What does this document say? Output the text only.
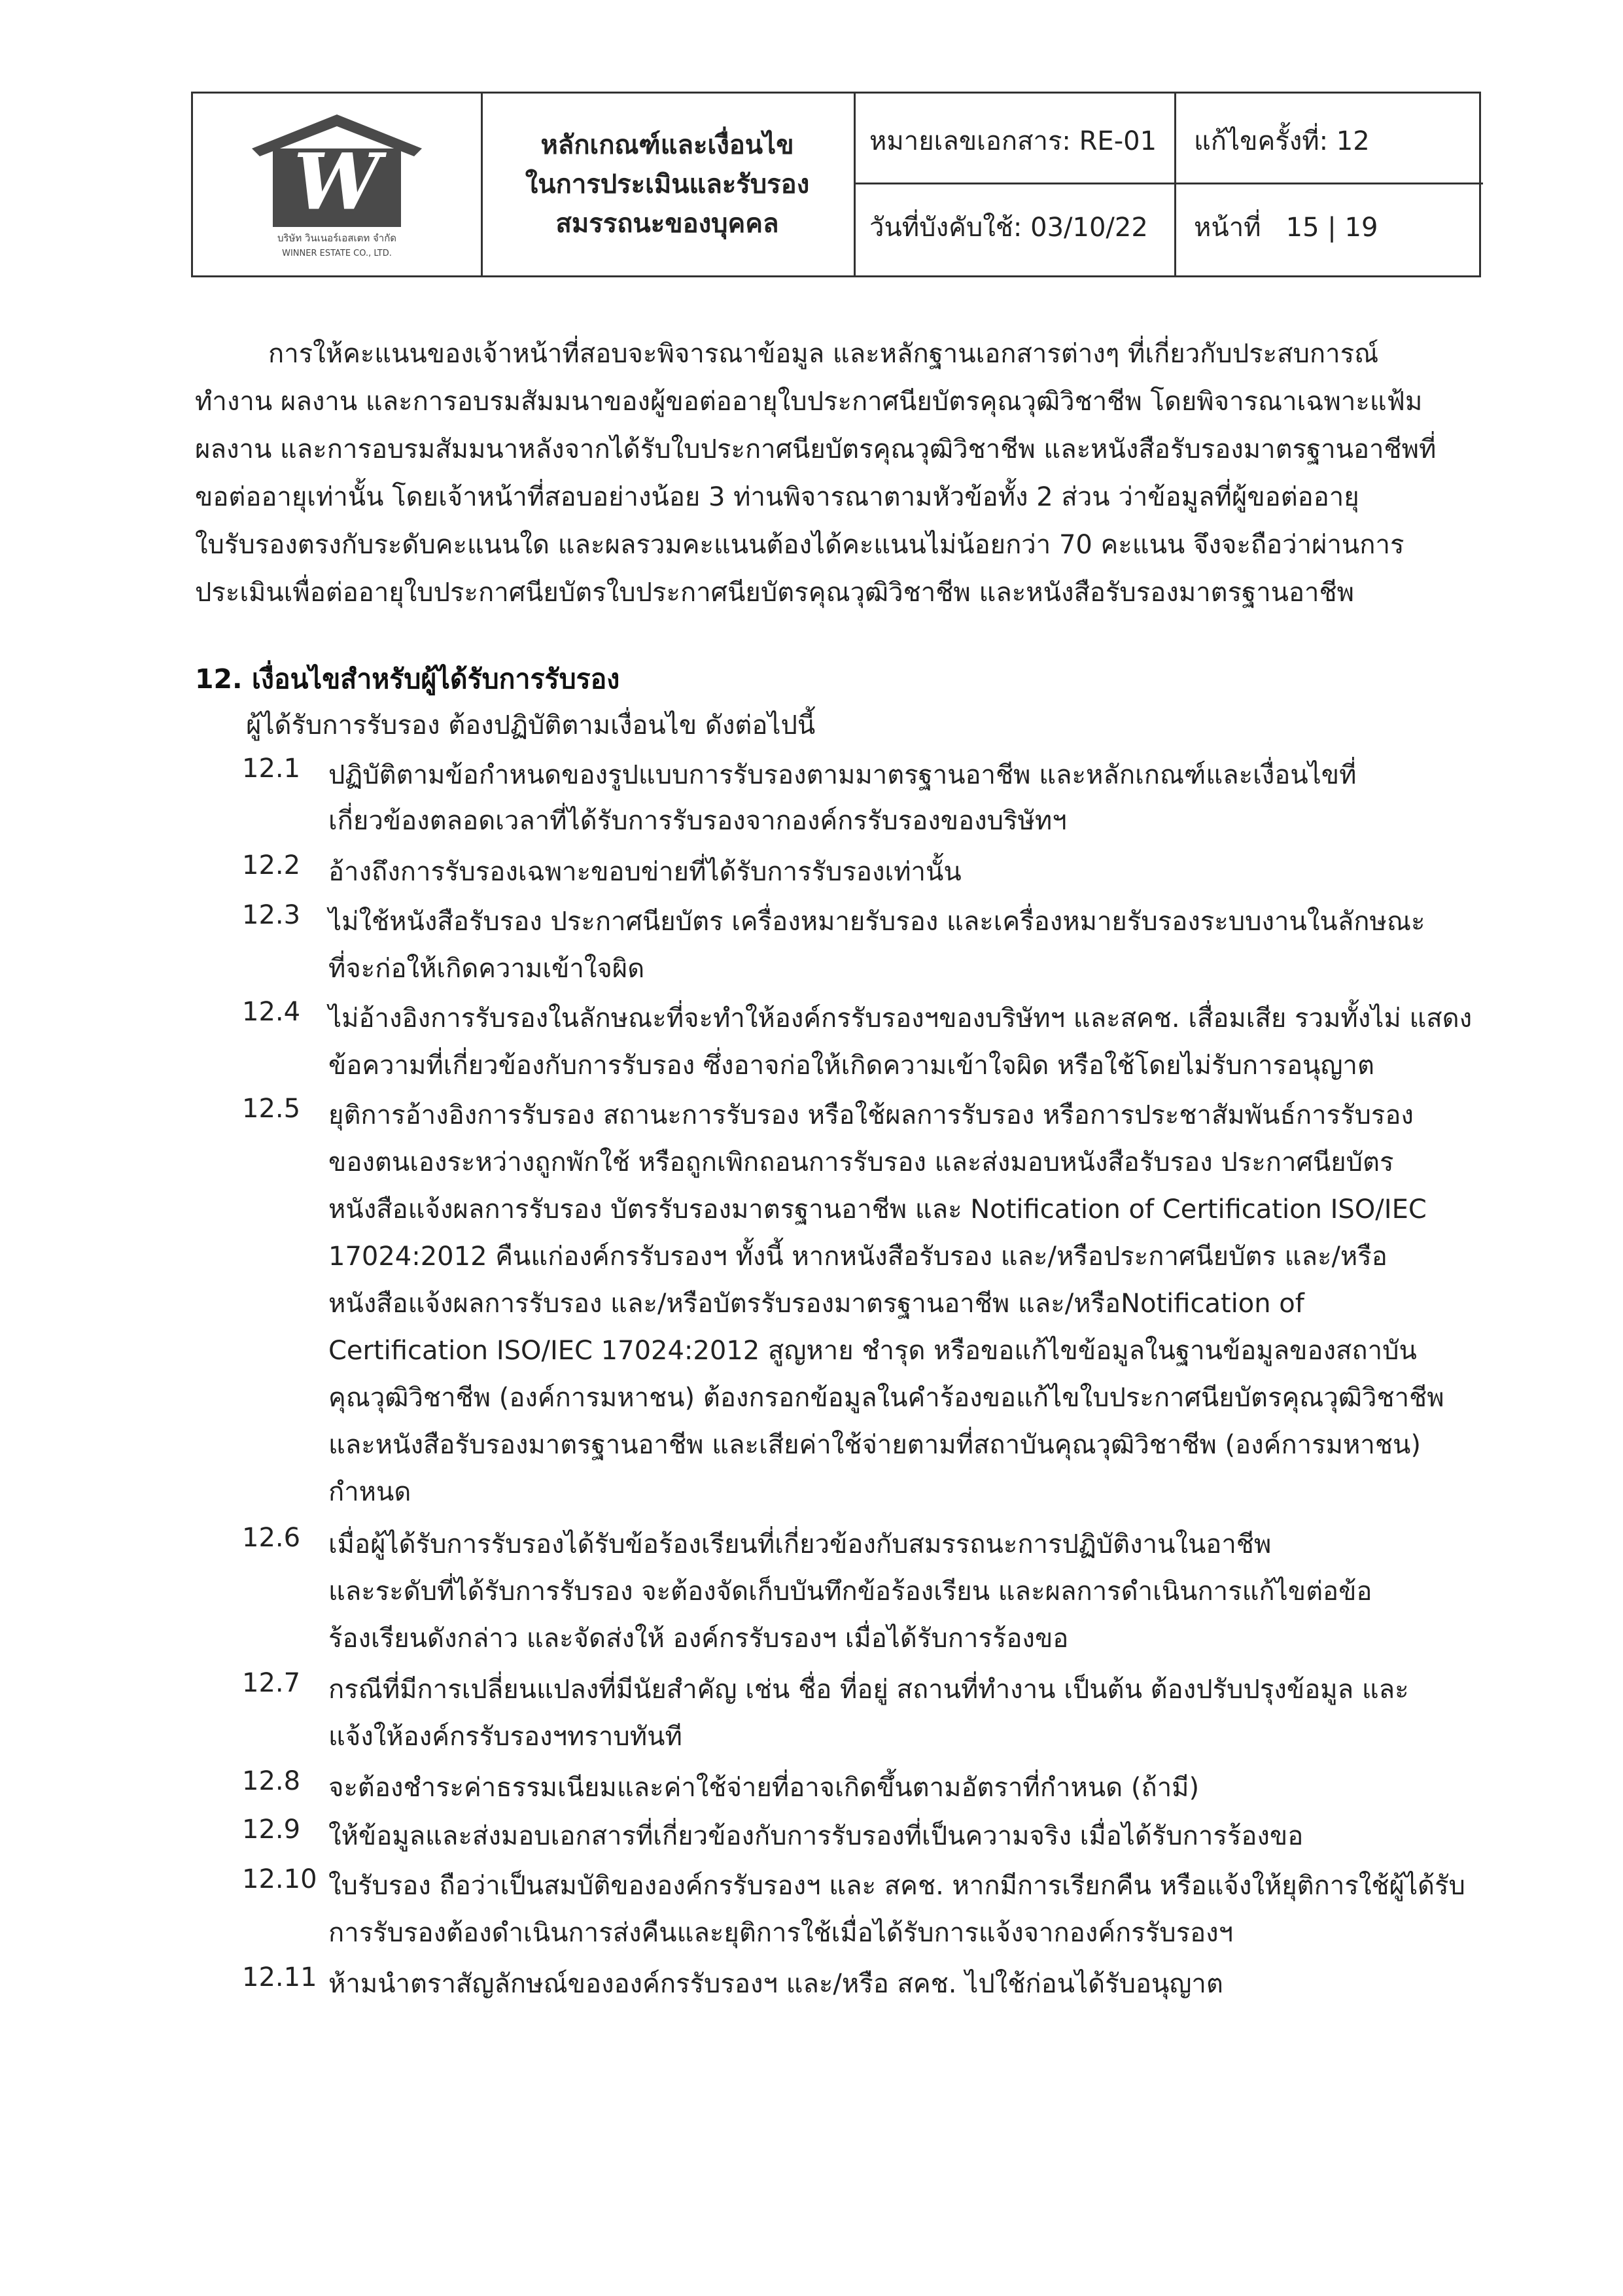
W
บริษัท วินเนอร์เอสเตท จำกัด
WINNER ESTATE CO., LTD.
หลักเกณฑ์และเงื่อนไข
ในการประเมินและรับรอง
สมรรถนะของบุคคล
หมายเลขเอกสาร: RE-01 แก้ไขครั้งที่: 12
วันที่บังคับใช้: 03/10/22 หน้าที่   15 | 19
การให้คะแนนของเจ้าหน้าที่สอบจะพิจารณาข้อมูล และหลักฐานเอกสารต่างๆ ที่เกี่ยวกับประสบการณ์
ทำงาน ผลงาน และการอบรมสัมมนาของผู้ขอต่ออายุใบประกาศนียบัตรคุณวุฒิวิชาชีพ โดยพิจารณาเฉพาะแฟ้ม
ผลงาน และการอบรมสัมมนาหลังจากได้รับใบประกาศนียบัตรคุณวุฒิวิชาชีพ และหนังสือรับรองมาตรฐานอาชีพที่
ขอต่ออายุเท่านั้น โดยเจ้าหน้าที่สอบอย่างน้อย 3 ท่านพิจารณาตามหัวข้อทั้ง 2 ส่วน ว่าข้อมูลที่ผู้ขอต่ออายุ
ใบรับรองตรงกับระดับคะแนนใด และผลรวมคะแนนต้องได้คะแนนไม่น้อยกว่า 70 คะแนน จึงจะถือว่าผ่านการ
ประเมินเพื่อต่ออายุใบประกาศนียบัตรใบประกาศนียบัตรคุณวุฒิวิชาชีพ และหนังสือรับรองมาตรฐานอาชีพ
12. เงื่อนไขสำหรับผู้ได้รับการรับรอง
ผู้ได้รับการรับรอง ต้องปฏิบัติตามเงื่อนไข ดังต่อไปนี้
12.1 ปฏิบัติตามข้อกำหนดของรูปแบบการรับรองตามมาตรฐานอาชีพ และหลักเกณฑ์และเงื่อนไขที่
เกี่ยวข้องตลอดเวลาที่ได้รับการรับรองจากองค์กรรับรองของบริษัทฯ
12.2 อ้างถึงการรับรองเฉพาะขอบข่ายที่ได้รับการรับรองเท่านั้น
12.3 ไม่ใช้หนังสือรับรอง ประกาศนียบัตร เครื่องหมายรับรอง และเครื่องหมายรับรองระบบงานในลักษณะ
ที่จะก่อให้เกิดความเข้าใจผิด
12.4 ไม่อ้างอิงการรับรองในลักษณะที่จะทำให้องค์กรรับรองฯของบริษัทฯ และสคช. เสื่อมเสีย รวมทั้งไม่ แสดง
ข้อความที่เกี่ยวข้องกับการรับรอง ซึ่งอาจก่อให้เกิดความเข้าใจผิด หรือใช้โดยไม่รับการอนุญาต
12.5 ยุติการอ้างอิงการรับรอง สถานะการรับรอง หรือใช้ผลการรับรอง หรือการประชาสัมพันธ์การรับรอง
ของตนเองระหว่างถูกพักใช้ หรือถูกเพิกถอนการรับรอง และส่งมอบหนังสือรับรอง ประกาศนียบัตร
หนังสือแจ้งผลการรับรอง บัตรรับรองมาตรฐานอาชีพ และ Notification of Certification ISO/IEC
17024:2012 คืนแก่องค์กรรับรองฯ ทั้งนี้ หากหนังสือรับรอง และ/หรือประกาศนียบัตร และ/หรือ
หนังสือแจ้งผลการรับรอง และ/หรือบัตรรับรองมาตรฐานอาชีพ และ/หรือNotification of
Certification ISO/IEC 17024:2012 สูญหาย ชำรุด หรือขอแก้ไขข้อมูลในฐานข้อมูลของสถาบัน
คุณวุฒิวิชาชีพ (องค์การมหาชน) ต้องกรอกข้อมูลในคำร้องขอแก้ไขใบประกาศนียบัตรคุณวุฒิวิชาชีพ
และหนังสือรับรองมาตรฐานอาชีพ และเสียค่าใช้จ่ายตามที่สถาบันคุณวุฒิวิชาชีพ (องค์การมหาชน)
กำหนด
12.6 เมื่อผู้ได้รับการรับรองได้รับข้อร้องเรียนที่เกี่ยวข้องกับสมรรถนะการปฏิบัติงานในอาชีพ
และระดับที่ได้รับการรับรอง จะต้องจัดเก็บบันทึกข้อร้องเรียน และผลการดำเนินการแก้ไขต่อข้อ
ร้องเรียนดังกล่าว และจัดส่งให้ องค์กรรับรองฯ เมื่อได้รับการร้องขอ
12.7 กรณีที่มีการเปลี่ยนแปลงที่มีนัยสำคัญ เช่น ชื่อ ที่อยู่ สถานที่ทำงาน เป็นต้น ต้องปรับปรุงข้อมูล และ
แจ้งให้องค์กรรับรองฯทราบทันที
12.8 จะต้องชำระค่าธรรมเนียมและค่าใช้จ่ายที่อาจเกิดขึ้นตามอัตราที่กำหนด (ถ้ามี)
12.9 ให้ข้อมูลและส่งมอบเอกสารที่เกี่ยวข้องกับการรับรองที่เป็นความจริง เมื่อได้รับการร้องขอ
12.10 ใบรับรอง ถือว่าเป็นสมบัติขององค์กรรับรองฯ และ สคช. หากมีการเรียกคืน หรือแจ้งให้ยุติการใช้ผู้ได้รับ
การรับรองต้องดำเนินการส่งคืนและยุติการใช้เมื่อได้รับการแจ้งจากองค์กรรับรองฯ
12.11 ห้ามนำตราสัญลักษณ์ขององค์กรรับรองฯ และ/หรือ สคช. ไปใช้ก่อนได้รับอนุญาต
